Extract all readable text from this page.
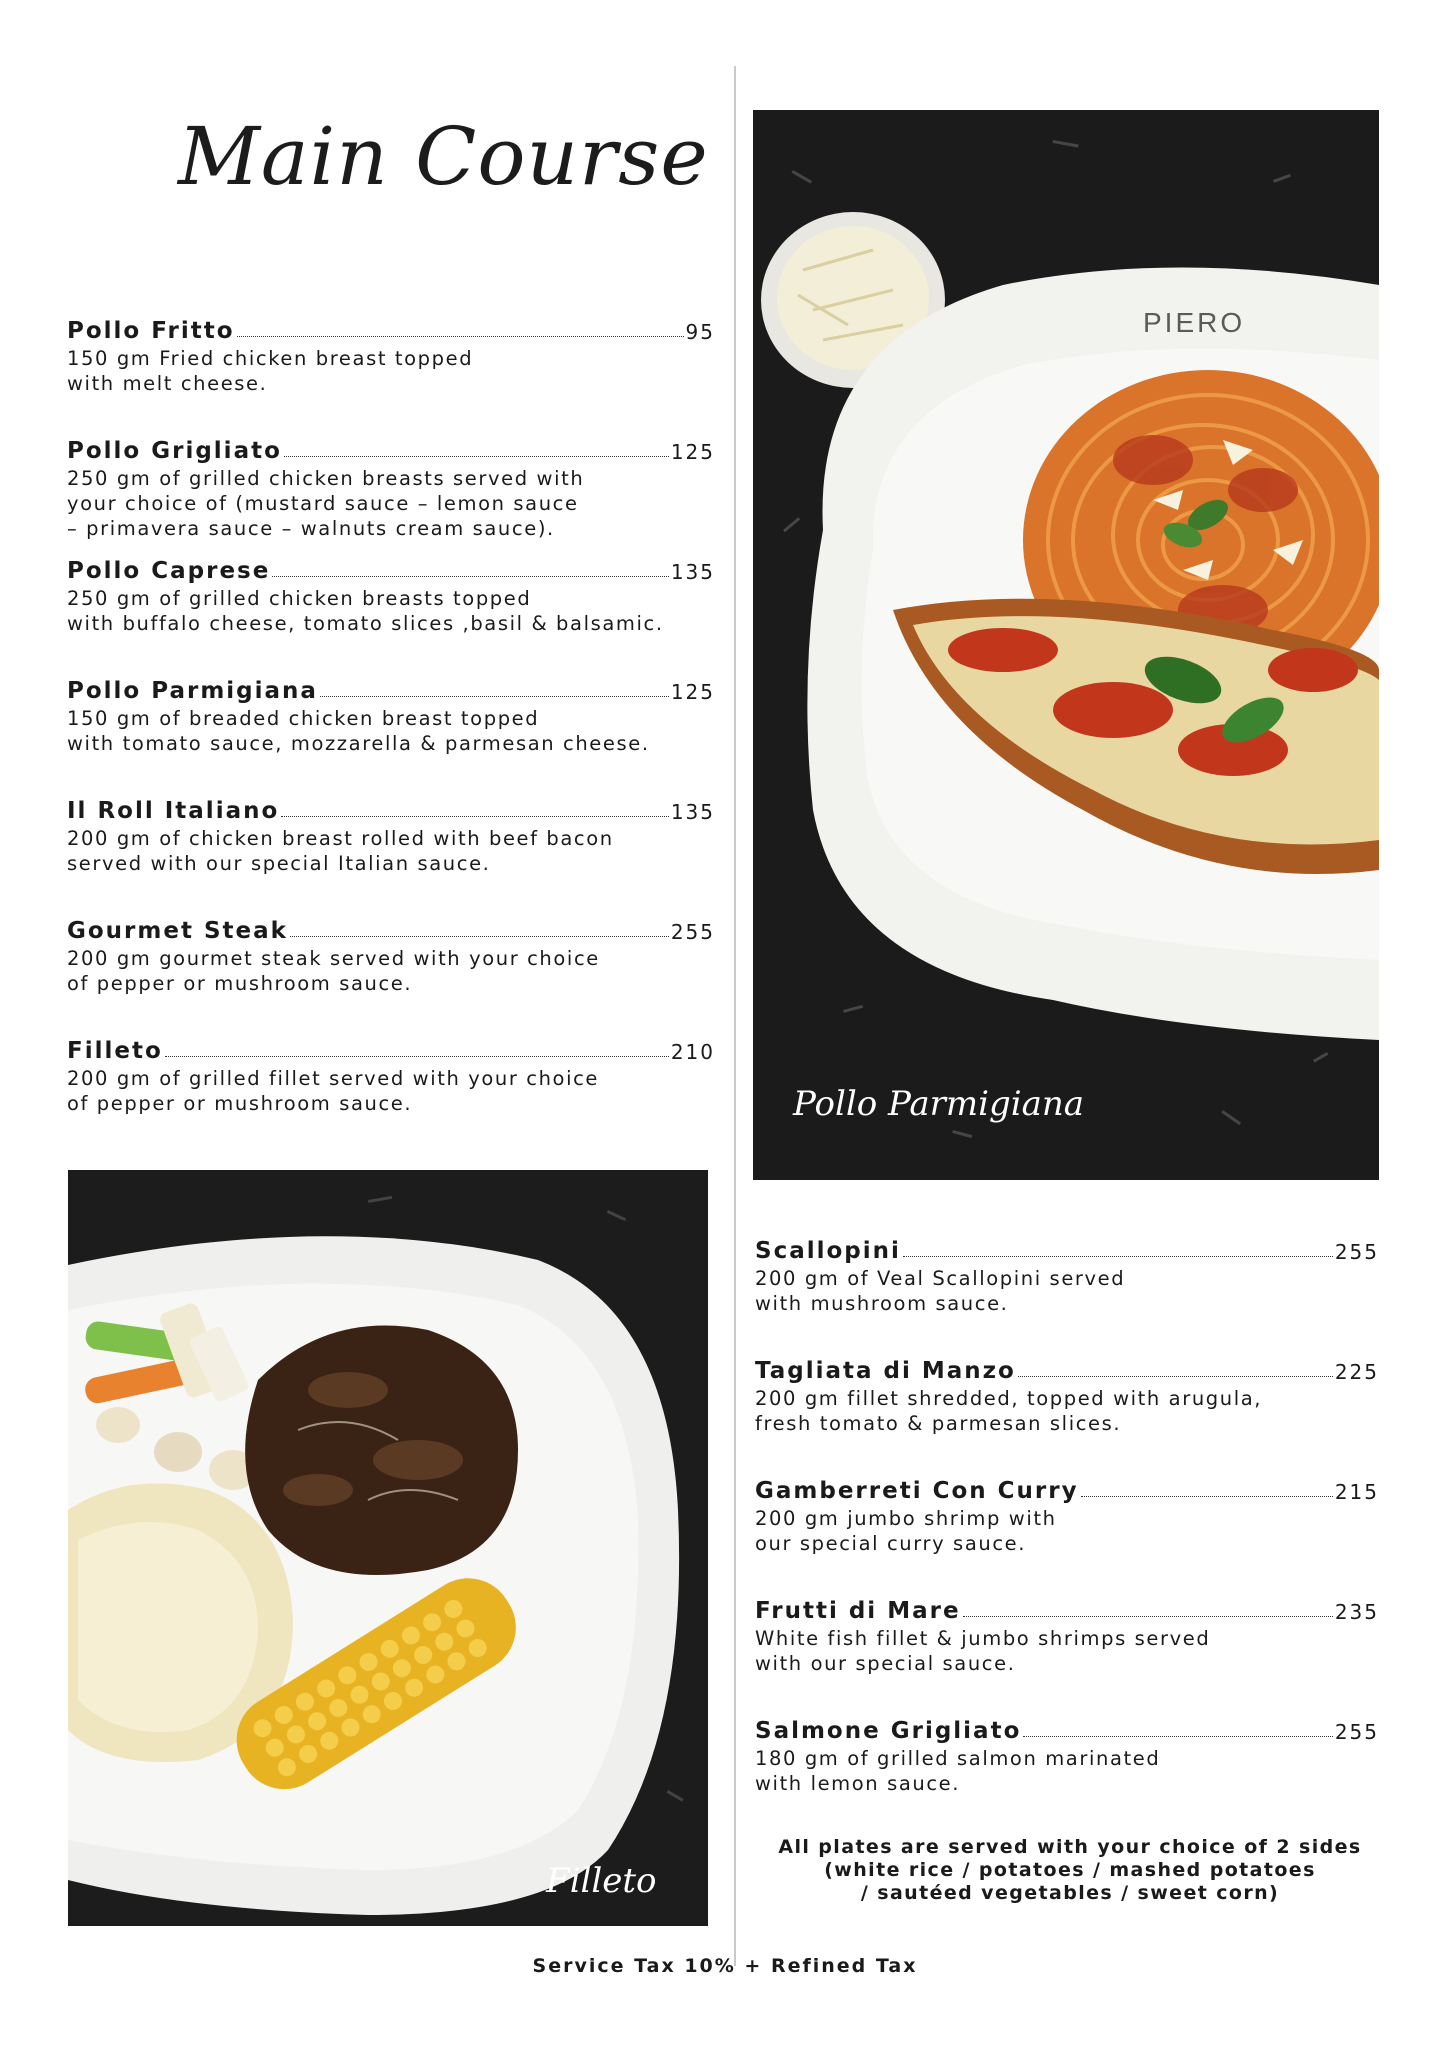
Main Course
Pollo Fritto	95
150 gm Fried chicken breast topped
with melt cheese.
Pollo Grigliato	125
250 gm of grilled chicken breasts served with
your choice of (mustard sauce – lemon sauce
– primavera sauce – walnuts cream sauce).
Pollo Caprese	135
250 gm of grilled chicken breasts topped
with buffalo cheese, tomato slices ,basil & balsamic.
Pollo Parmigiana	125
150 gm of breaded chicken breast topped
with tomato sauce, mozzarella & parmesan cheese.
Il Roll Italiano	135
200 gm of chicken breast rolled with beef bacon
served with our special Italian sauce.
Gourmet Steak	255
200 gm gourmet steak served with your choice
of pepper or mushroom sauce.
Filleto	210
200 gm of grilled fillet served with your choice
of pepper or mushroom sauce.
PIERO
Pollo Parmigiana
Filleto
Scallopini	255
200 gm of Veal Scallopini served
with mushroom sauce.
Tagliata di Manzo	225
200 gm fillet shredded, topped with arugula,
fresh tomato & parmesan slices.
Gamberreti Con Curry	215
200 gm jumbo shrimp with
our special curry sauce.
Frutti di Mare	235
White fish fillet & jumbo shrimps served
with our special sauce.
Salmone Grigliato	255
180 gm of grilled salmon marinated
with lemon sauce.
All plates are served with your choice of 2 sides
(white rice / potatoes / mashed potatoes
/ sautéed vegetables / sweet corn)
Service Tax 10% + Refined Tax
